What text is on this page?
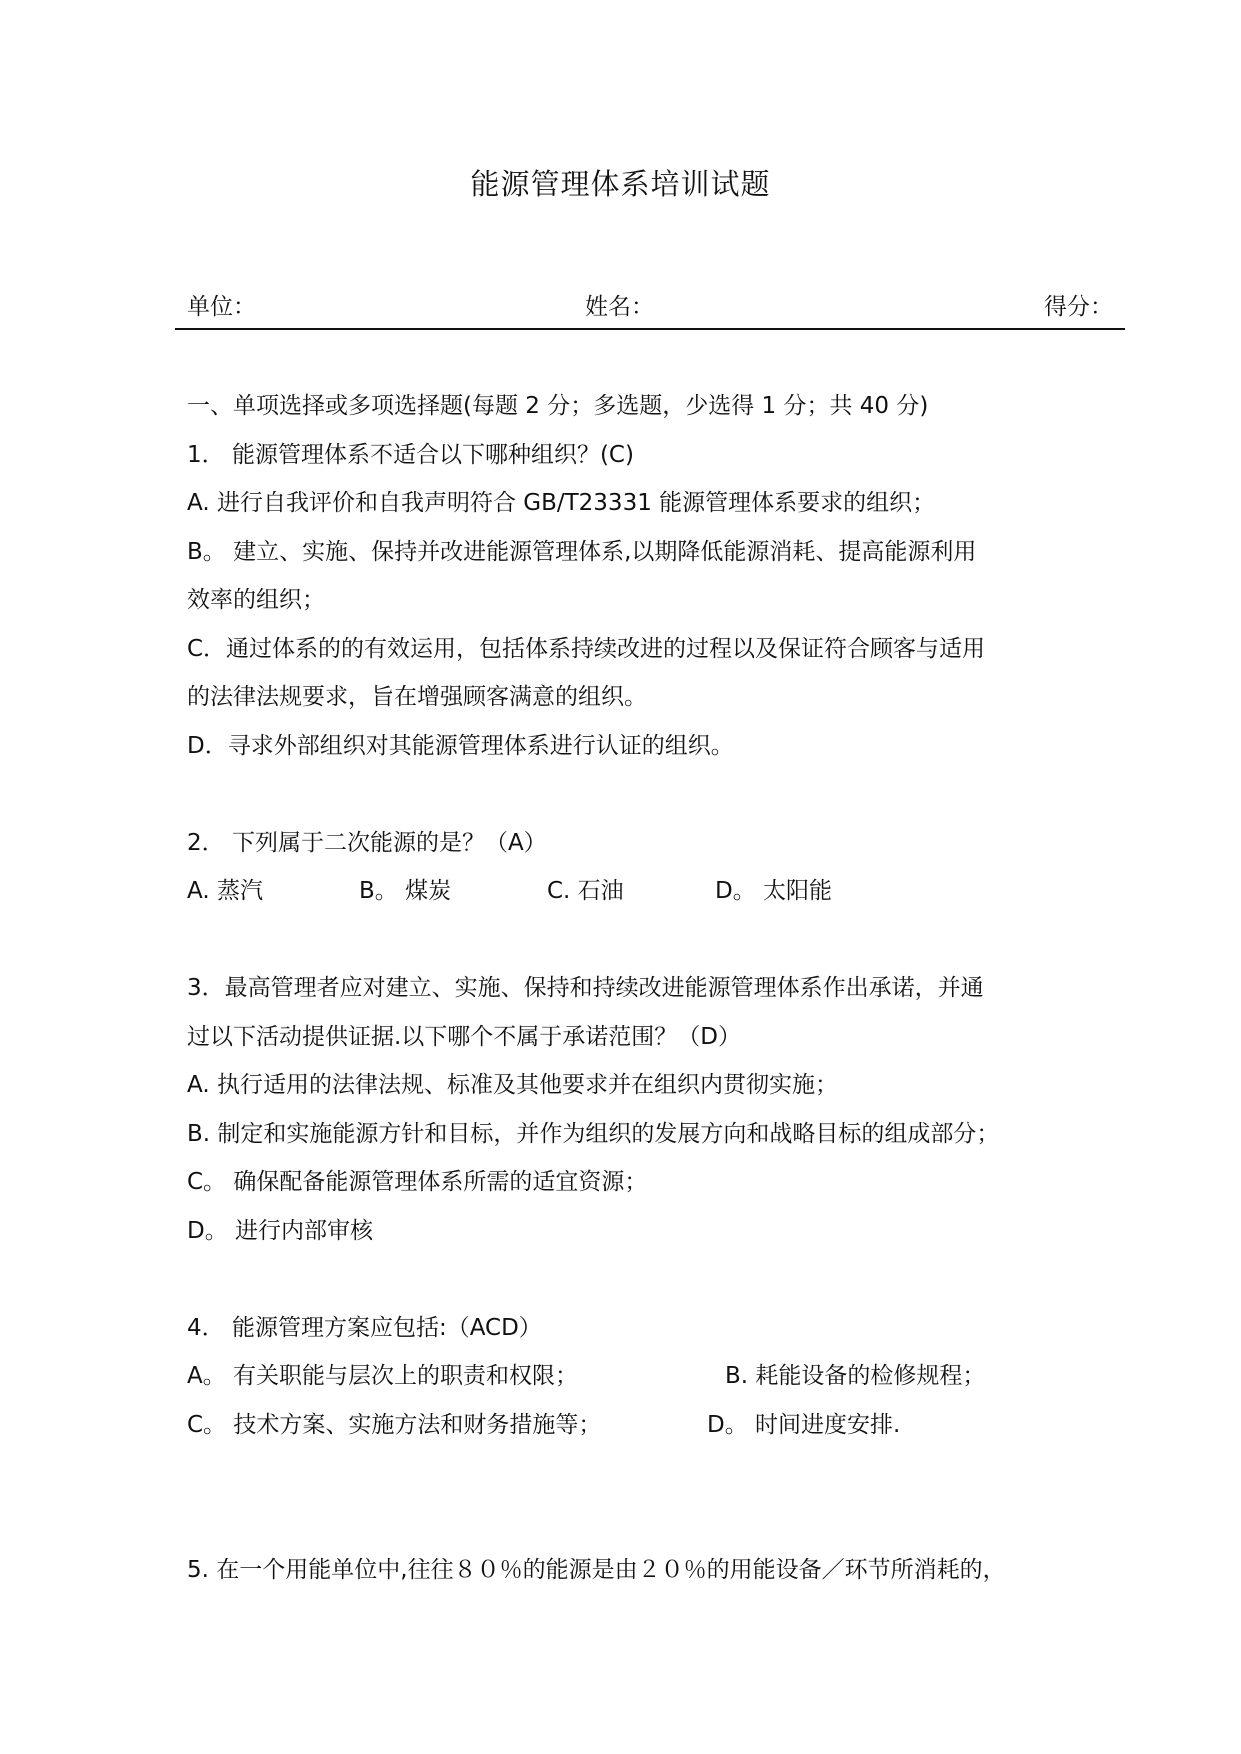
能源管理体系培训试题
单位：	姓名：	得分：
一、单项选择或多项选择题(每题 2 分；多选题，少选得 1 分；共 40 分)
1． 能源管理体系不适合以下哪种组织？(C)
A. 进行自我评价和自我声明符合 GB/T23331 能源管理体系要求的组织；
B。 建立、实施、保持并改进能源管理体系,以期降低能源消耗、提高能源利用
效率的组织；
C．通过体系的的有效运用，包括体系持续改进的过程以及保证符合顾客与适用
的法律法规要求，旨在增强顾客满意的组织。
D．寻求外部组织对其能源管理体系进行认证的组织。
2． 下列属于二次能源的是？（A）
A. 蒸汽	B。 煤炭	C. 石油	D。 太阳能
3．最高管理者应对建立、实施、保持和持续改进能源管理体系作出承诺，并通
过以下活动提供证据.以下哪个不属于承诺范围？（D）
A. 执行适用的法律法规、标准及其他要求并在组织内贯彻实施；
B. 制定和实施能源方针和目标，并作为组织的发展方向和战略目标的组成部分；
C。 确保配备能源管理体系所需的适宜资源；
D。 进行内部审核
4． 能源管理方案应包括:（ACD）
A。 有关职能与层次上的职责和权限；	B. 耗能设备的检修规程；
C。 技术方案、实施方法和财务措施等；	D。 时间进度安排.
5. 在一个用能单位中,往往８０％的能源是由２０％的用能设备／环节所消耗的，
